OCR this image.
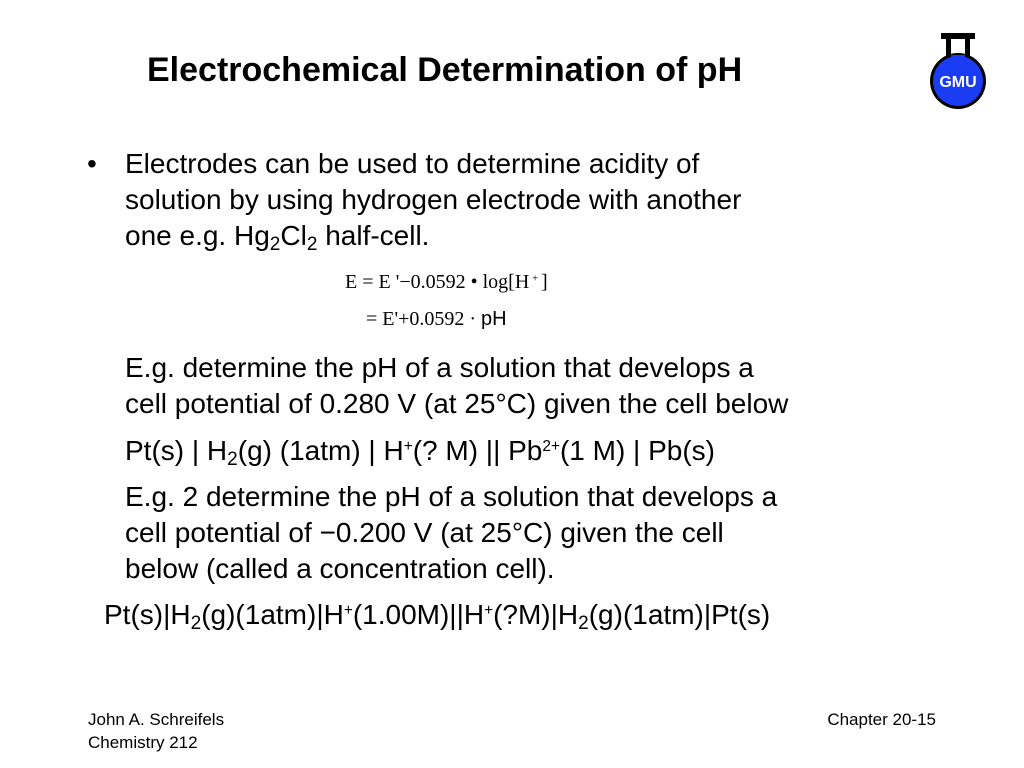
Electrochemical Determination of pH	GMU
• Electrodes can be used to determine acidity of
solution by using hydrogen electrode with another
one e.g. $Hg_2Cl_2$ half-cell.
E = E '−0.0592 • log[H + ]
= E'+0.0592 · pH
E.g. determine the pH of a solution that develops a
cell potential of 0.280 V (at 25°C) given the cell below
Pt(s) | $H_2(g)$ (1atm) | H+(? M) || $Pb^{2+}(1$ M) | Pb(s)
E.g. 2 determine the pH of a solution that develops a
cell potential of −0.200 V (at 25°C) given the cell
below (called a concentration cell).
$Pt(s)|H_2(g)(1atm)|H^+(1.00M)||H^+(?M)|H_2(g)(1atm)|Pt(s)$
John A. Schreifels
Chemistry 212
Chapter 20-15
